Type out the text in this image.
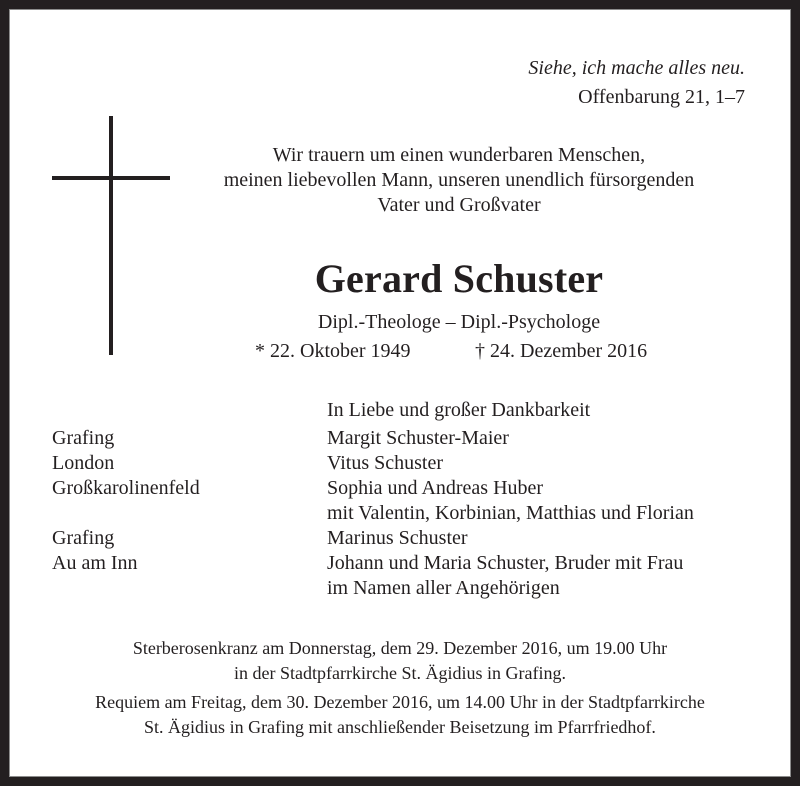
Siehe, ich mache alles neu.
Offenbarung 21, 1–7
Wir trauern um einen wunderbaren Menschen,
meinen liebevollen Mann, unseren unendlich fürsorgenden
Vater und Großvater
Gerard Schuster
Dipl.-Theologe – Dipl.-Psychologe
* 22. Oktober 1949	† 24. Dezember 2016
Grafing
London
Großkarolinenfeld
Grafing
Au am Inn
In Liebe und großer Dankbarkeit
Margit Schuster-Maier
Vitus Schuster
Sophia und Andreas Huber
mit Valentin, Korbinian, Matthias und Florian
Marinus Schuster
Johann und Maria Schuster, Bruder mit Frau
im Namen aller Angehörigen

Sterberosenkranz am Donnerstag, dem 29. Dezember 2016, um 19.00 Uhr
in der Stadtpfarrkirche St. Ägidius in Grafing.

Requiem am Freitag, dem 30. Dezember 2016, um 14.00 Uhr in der Stadtpfarrkirche
St. Ägidius in Grafing mit anschließender Beisetzung im Pfarrfriedhof.
